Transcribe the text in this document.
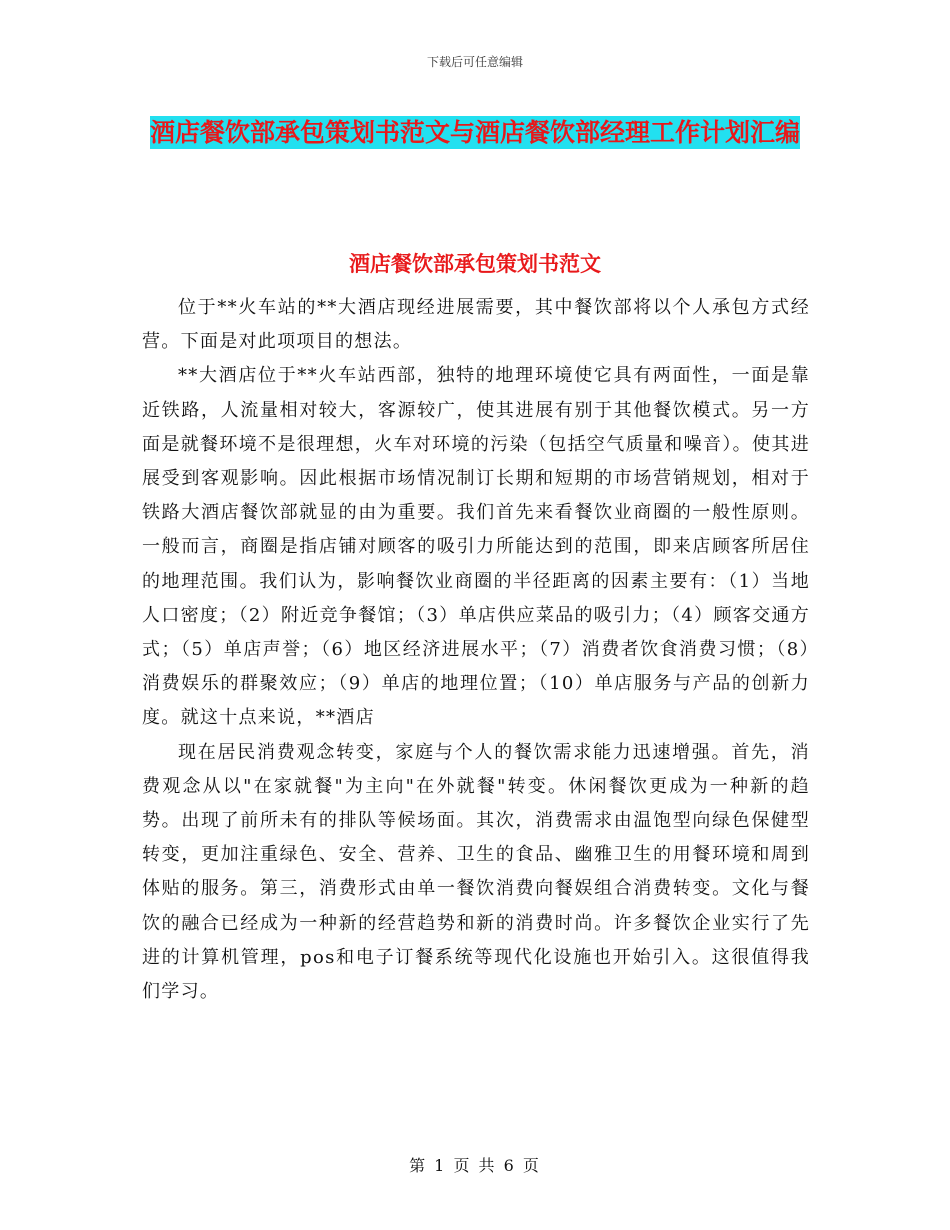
下载后可任意编辑
酒店餐饮部承包策划书范文与酒店餐饮部经理工作计划汇编
酒店餐饮部承包策划书范文

位于**火车站的**大酒店现经进展需要，其中餐饮部将以个人承包方式经营。下面是对此项项目的想法。

**大酒店位于**火车站西部，独特的地理环境使它具有两面性，一面是靠近铁路，人流量相对较大，客源较广，使其进展有别于其他餐饮模式。另一方面是就餐环境不是很理想，火车对环境的污染（包括空气质量和噪音）。使其进展受到客观影响。因此根据市场情况制订长期和短期的市场营销规划，相对于铁路大酒店餐饮部就显的由为重要。我们首先来看餐饮业商圈的一般性原则。一般而言，商圈是指店铺对顾客的吸引力所能达到的范围，即来店顾客所居住的地理范围。我们认为，影响餐饮业商圈的半径距离的因素主要有：（1）当地人口密度；（2）附近竞争餐馆；（3）单店供应菜品的吸引力；（4）顾客交通方式；（5）单店声誉；（6）地区经济进展水平；（7）消费者饮食消费习惯；（8）消费娱乐的群聚效应；（9）单店的地理位置；（10）单店服务与产品的创新力度。就这十点来说，**酒店

现在居民消费观念转变，家庭与个人的餐饮需求能力迅速增强。首先，消费观念从以"在家就餐"为主向"在外就餐"转变。休闲餐饮更成为一种新的趋势。出现了前所未有的排队等候场面。其次，消费需求由温饱型向绿色保健型转变，更加注重绿色、安全、营养、卫生的食品、幽雅卫生的用餐环境和周到体贴的服务。第三，消费形式由单一餐饮消费向餐娱组合消费转变。文化与餐饮的融合已经成为一种新的经营趋势和新的消费时尚。许多餐饮企业实行了先进的计算机管理，pos和电子订餐系统等现代化设施也开始引入。这很值得我们学习。

第 1 页 共 6 页
